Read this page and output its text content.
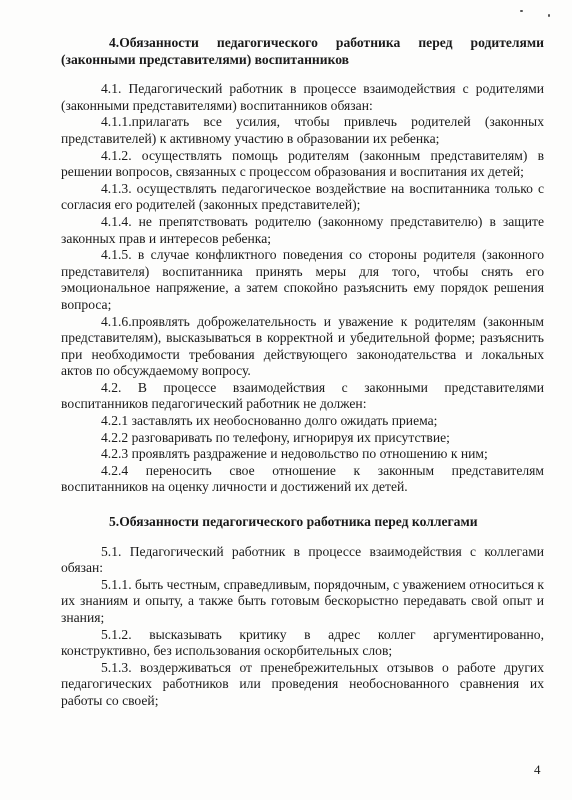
4.Обязанности педагогического работника перед родителями (законными представителями) воспитанников

4.1. Педагогический работник в процессе взаимодействия с родителями (законными представителями) воспитанников обязан:

4.1.1.прилагать все усилия, чтобы привлечь родителей (законных представителей) к активному участию в образовании их ребенка;

4.1.2. осуществлять помощь родителям (законным представителям) в решении вопросов, связанных с процессом образования и воспитания их детей;

4.1.3. осуществлять педагогическое воздействие на воспитанника только с согласия его родителей (законных представителей);

4.1.4. не препятствовать родителю (законному представителю) в защите законных прав и интересов ребенка;

4.1.5. в случае конфликтного поведения со стороны родителя (законного представителя) воспитанника принять меры для того, чтобы снять его эмоциональное напряжение, а затем спокойно разъяснить ему порядок решения вопроса;

4.1.6.проявлять доброжелательность и уважение к родителям (законным представителям), высказываться в корректной и убедительной форме; разъяснить при необходимости требования действующего законодательства и локальных актов по обсуждаемому вопросу.

4.2. В процессе взаимодействия с законными представителями воспитанников педагогический работник не должен:

4.2.1 заставлять их необоснованно долго ожидать приема;

4.2.2 разговаривать по телефону, игнорируя их присутствие;

4.2.3 проявлять раздражение и недовольство по отношению к ним;

4.2.4 переносить свое отношение к законным представителям воспитанников на оценку личности и достижений их детей.

5.Обязанности педагогического работника перед коллегами

5.1. Педагогический работник в процессе взаимодействия с коллегами обязан:

5.1.1. быть честным, справедливым, порядочным, с уважением относиться к их знаниям и опыту, а также быть готовым бескорыстно передавать свой опыт и знания;

5.1.2. высказывать критику в адрес коллег аргументированно, конструктивно, без использования оскорбительных слов;

5.1.3. воздерживаться от пренебрежительных отзывов о работе других педагогических работников или проведения необоснованного сравнения их работы со своей;

4
